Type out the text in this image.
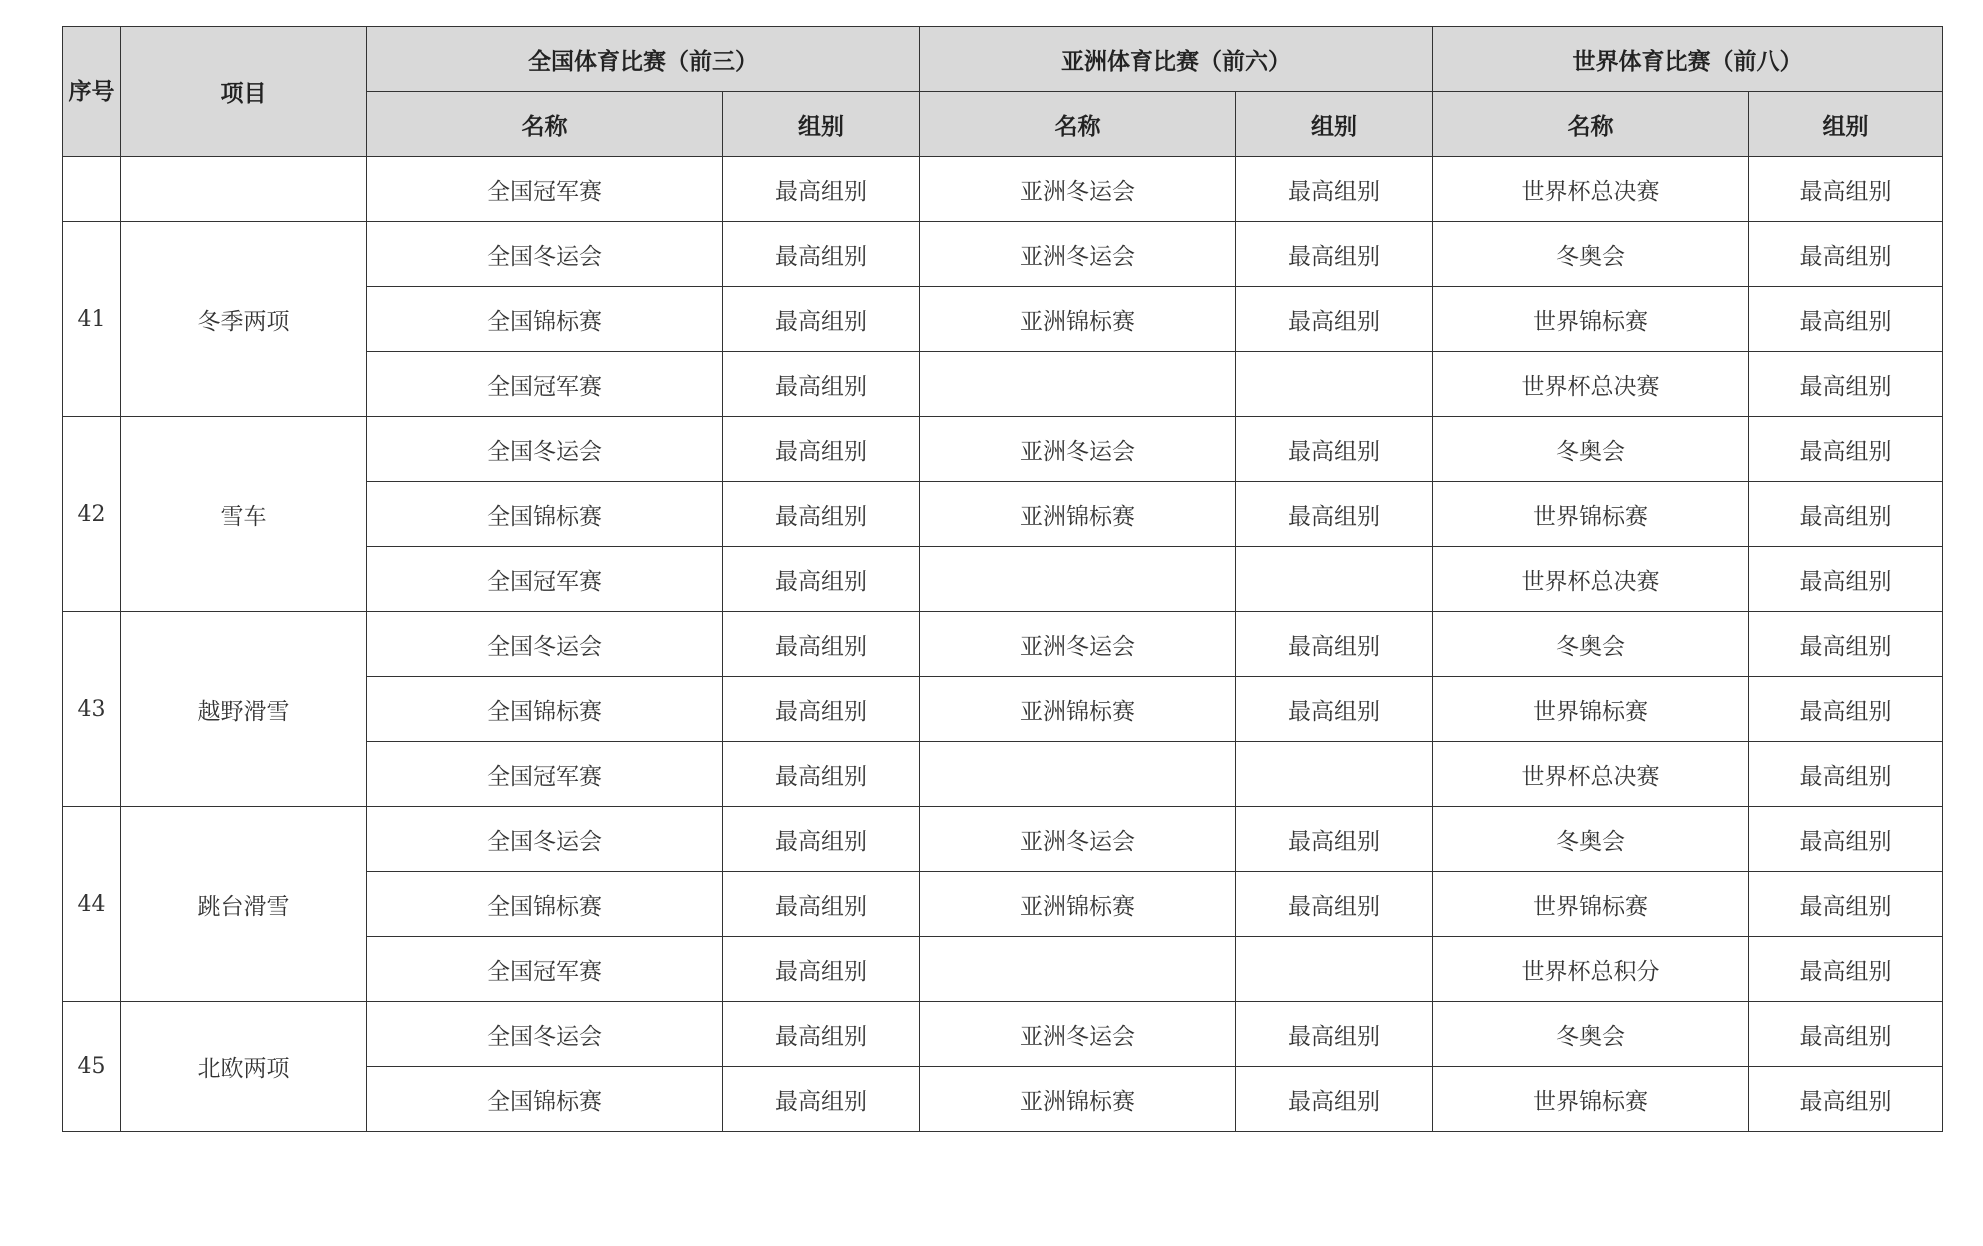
序号	项目	全国体育比赛（前三）		亚洲体育比赛（前六）		世界体育比赛（前八）	
		名称	组别	名称	组别	名称	组别
		全国冠军赛	最高组别	亚洲冬运会	最高组别	世界杯总决赛	最高组别
41	冬季两项	全国冬运会	最高组别	亚洲冬运会	最高组别	冬奥会	最高组别
		全国锦标赛	最高组别	亚洲锦标赛	最高组别	世界锦标赛	最高组别
		全国冠军赛	最高组别			世界杯总决赛	最高组别
42	雪车	全国冬运会	最高组别	亚洲冬运会	最高组别	冬奥会	最高组别
		全国锦标赛	最高组别	亚洲锦标赛	最高组别	世界锦标赛	最高组别
		全国冠军赛	最高组别			世界杯总决赛	最高组别
43	越野滑雪	全国冬运会	最高组别	亚洲冬运会	最高组别	冬奥会	最高组别
		全国锦标赛	最高组别	亚洲锦标赛	最高组别	世界锦标赛	最高组别
		全国冠军赛	最高组别			世界杯总决赛	最高组别
44	跳台滑雪	全国冬运会	最高组别	亚洲冬运会	最高组别	冬奥会	最高组别
		全国锦标赛	最高组别	亚洲锦标赛	最高组别	世界锦标赛	最高组别
		全国冠军赛	最高组别			世界杯总积分	最高组别
45	北欧两项	全国冬运会	最高组别	亚洲冬运会	最高组别	冬奥会	最高组别
		全国锦标赛	最高组别	亚洲锦标赛	最高组别	世界锦标赛	最高组别
